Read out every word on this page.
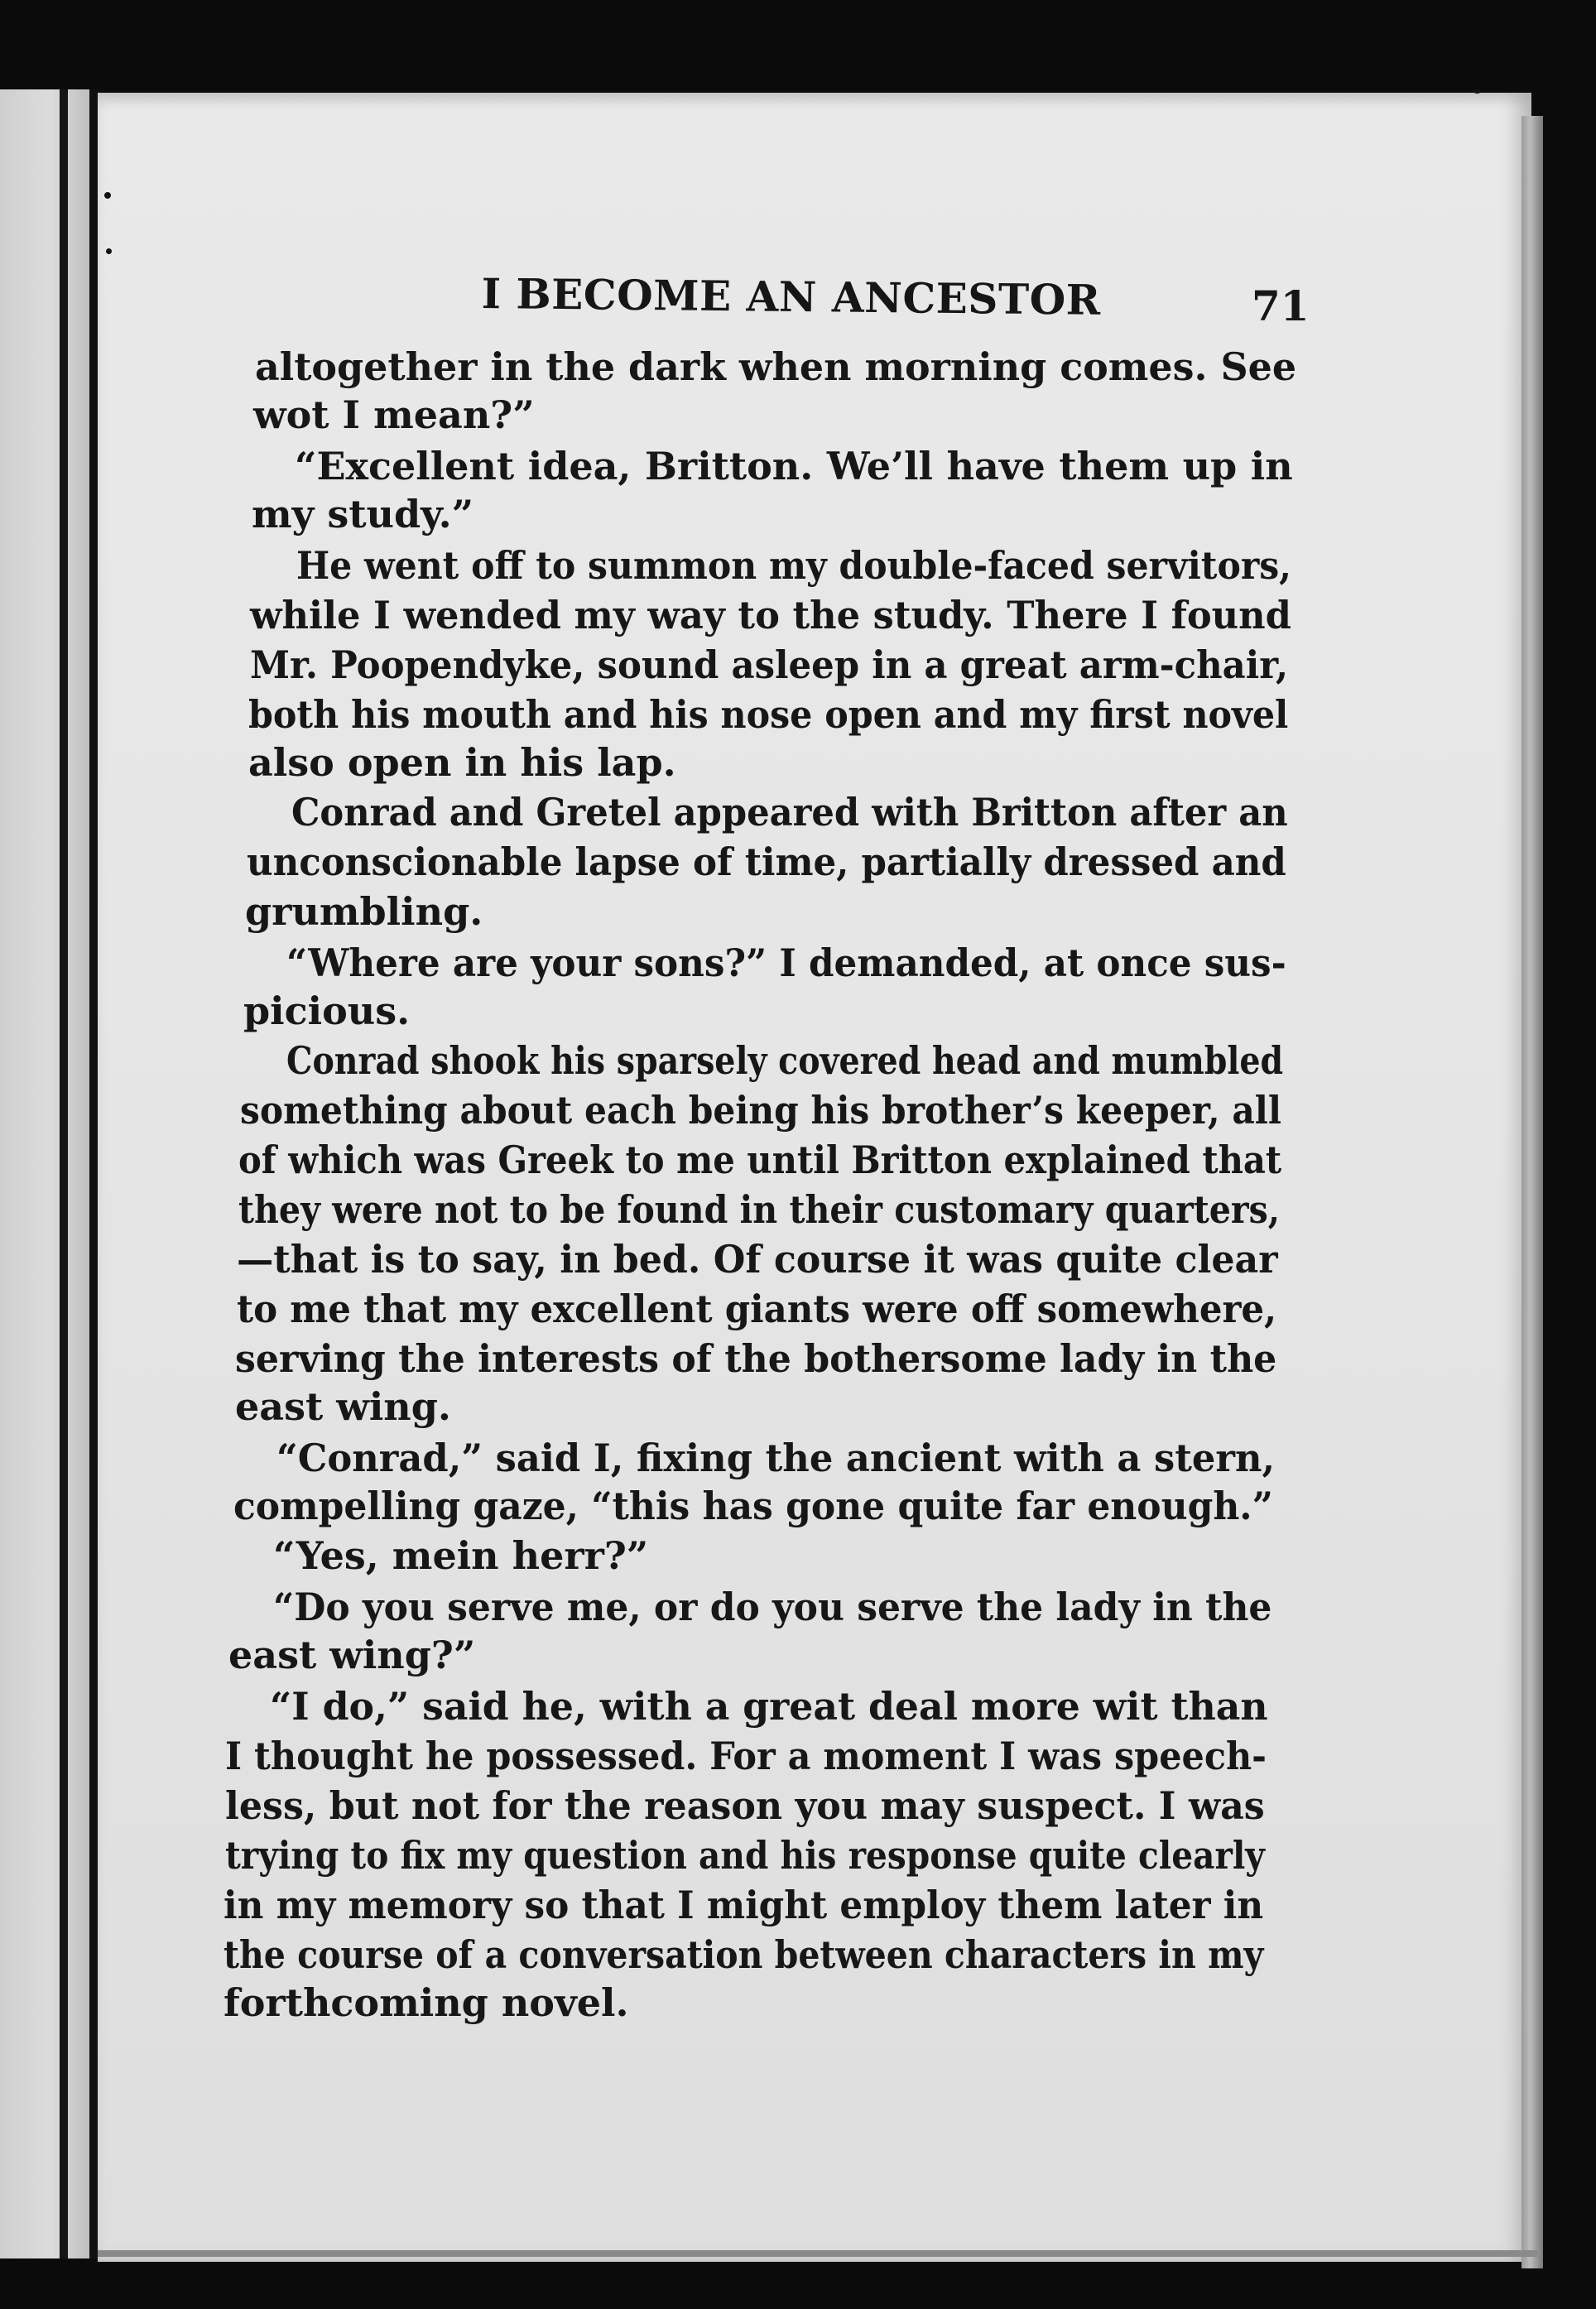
I BECOME AN ANCESTOR	71
altogether in the dark when morning comes. See
wot I mean?”
“Excellent idea, Britton. We’ll have them up in
my study.”
He went off to summon my double-faced servitors,
while I wended my way to the study. There I found
Mr. Poopendyke, sound asleep in a great arm-chair,
both his mouth and his nose open and my first novel
also open in his lap.
Conrad and Gretel appeared with Britton after an
unconscionable lapse of time, partially dressed and
grumbling.
“Where are your sons?” I demanded, at once sus-
picious.
Conrad shook his sparsely covered head and mumbled
something about each being his brother’s keeper, all
of which was Greek to me until Britton explained that
they were not to be found in their customary quarters,
—that is to say, in bed. Of course it was quite clear
to me that my excellent giants were off somewhere,
serving the interests of the bothersome lady in the
east wing.
“Conrad,” said I, fixing the ancient with a stern,
compelling gaze, “this has gone quite far enough.”
“Yes, mein herr?”
“Do you serve me, or do you serve the lady in the
east wing?”
“I do,” said he, with a great deal more wit than
I thought he possessed. For a moment I was speech-
less, but not for the reason you may suspect. I was
trying to fix my question and his response quite clearly
in my memory so that I might employ them later in
the course of a conversation between characters in my
forthcoming novel.
